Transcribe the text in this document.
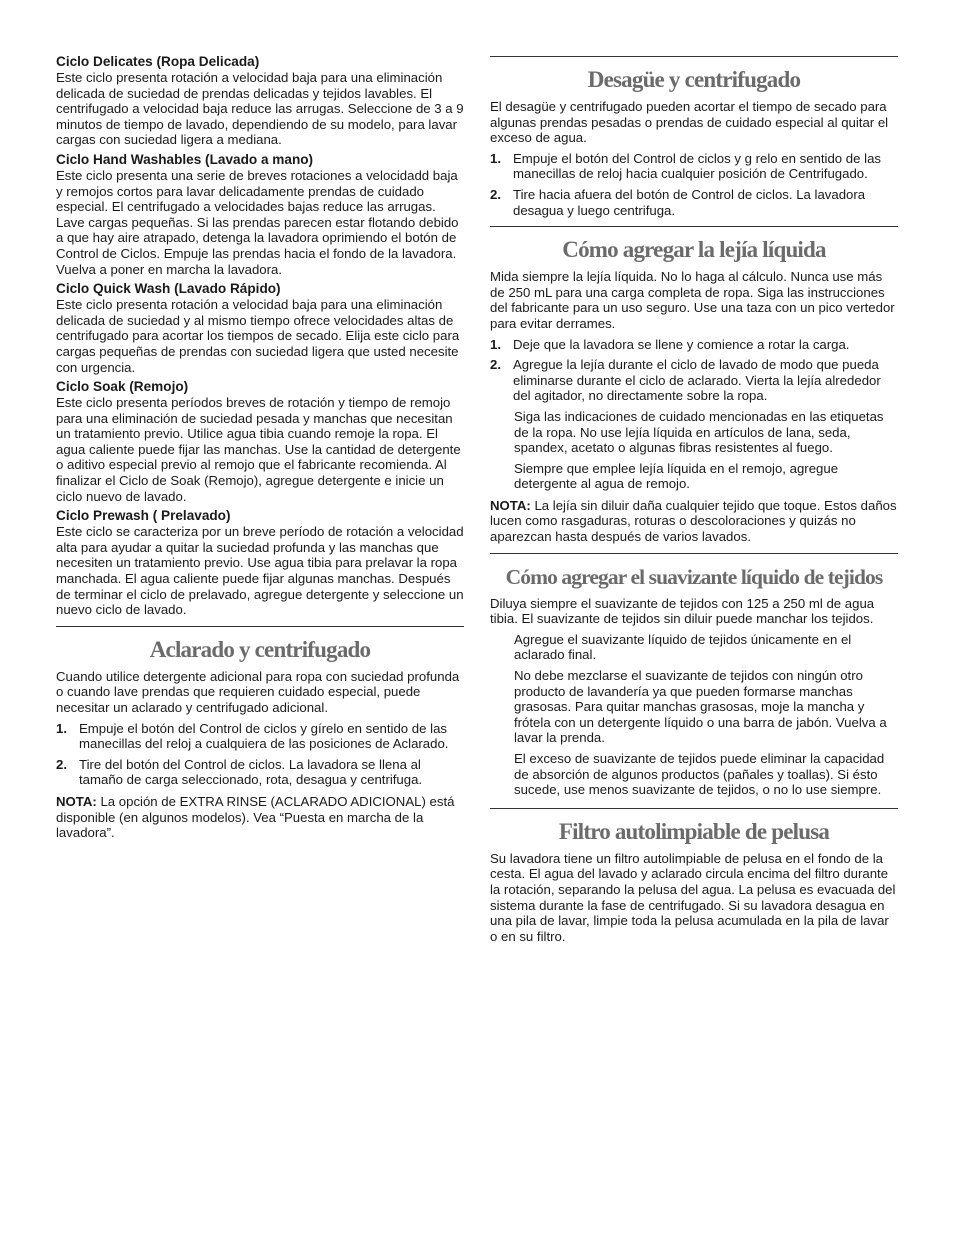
Ciclo Delicates (Ropa Delicada)

Este ciclo presenta rotación a velocidad baja para una eliminación delicada de suciedad de prendas delicadas y tejidos lavables. El centrifugado a velocidad baja reduce las arrugas. Seleccione de 3 a 9 minutos de tiempo de lavado, dependiendo de su modelo, para lavar cargas con suciedad ligera a mediana.

Ciclo Hand Washables (Lavado a mano)

Este ciclo presenta una serie de breves rotaciones a velocidadd baja y remojos cortos para lavar delicadamente prendas de cuidado especial. El centrifugado a velocidades bajas reduce las arrugas. Lave cargas pequeñas. Si las prendas parecen estar flotando debido a que hay aire atrapado, detenga la lavadora oprimiendo el botón de Control de Ciclos. Empuje las prendas hacia el fondo de la lavadora. Vuelva a poner en marcha la lavadora.

Ciclo Quick Wash (Lavado Rápido)

Este ciclo presenta rotación a velocidad baja para una eliminación delicada de suciedad y al mismo tiempo ofrece velocidades altas de centrifugado para acortar los tiempos de secado. Elija este ciclo para cargas pequeñas de prendas con suciedad ligera que usted necesite con urgencia.

Ciclo Soak (Remojo)

Este ciclo presenta períodos breves de rotación y tiempo de remojo para una eliminación de suciedad pesada y manchas que necesitan un tratamiento previo. Utilice agua tibia cuando remoje la ropa. El agua caliente puede fijar las manchas. Use la cantidad de detergente o aditivo especial previo al remojo que el fabricante recomienda. Al finalizar el Ciclo de Soak (Remojo), agregue detergente e inicie un ciclo nuevo de lavado.

Ciclo Prewash ( Prelavado)

Este ciclo se caracteriza por un breve período de rotación a velocidad alta para ayudar a quitar la suciedad profunda y las manchas que necesiten un tratamiento previo. Use agua tibia para prelavar la ropa manchada. El agua caliente puede fijar algunas manchas. Después de terminar el ciclo de prelavado, agregue detergente y seleccione un nuevo ciclo de lavado.

Aclarado y centrifugado

Cuando utilice detergente adicional para ropa con suciedad profunda o cuando lave prendas que requieren cuidado especial, puede necesitar un aclarado y centrifugado adicional.

1. Empuje el botón del Control de ciclos y gírelo en sentido de las manecillas del reloj a cualquiera de las posiciones de Aclarado.

2. Tire del botón del Control de ciclos. La lavadora se llena al tamaño de carga seleccionado, rota, desagua y centrifuga.

NOTA: La opción de EXTRA RINSE (ACLARADO ADICIONAL) está disponible (en algunos modelos). Vea “Puesta en marcha de la lavadora”.

Desagüe y centrifugado

El desagüe y centrifugado pueden acortar el tiempo de secado para algunas prendas pesadas o prendas de cuidado especial al quitar el exceso de agua.

1. Empuje el botón del Control de ciclos y g relo en sentido de las manecillas de reloj hacia cualquier posición de Centrifugado.

2. Tire hacia afuera del botón de Control de ciclos. La lavadora desagua y luego centrifuga.

Cómo agregar la lejía líquida

Mida siempre la lejía líquida. No lo haga al cálculo. Nunca use más de 250 mL para una carga completa de ropa. Siga las instrucciones del fabricante para un uso seguro. Use una taza con un pico vertedor para evitar derrames.

1. Deje que la lavadora se llene y comience a rotar la carga.

2. Agregue la lejía durante el ciclo de lavado de modo que pueda eliminarse durante el ciclo de aclarado. Vierta la lejía alrededor del agitador, no directamente sobre la ropa.

Siga las indicaciones de cuidado mencionadas en las etiquetas de la ropa. No use lejía líquida en artículos de lana, seda, spandex, acetato o algunas fibras resistentes al fuego.

Siempre que emplee lejía líquida en el remojo, agregue detergente al agua de remojo.

NOTA: La lejía sin diluir daña cualquier tejido que toque. Estos daños lucen como rasgaduras, roturas o descoloraciones y quizás no aparezcan hasta después de varios lavados.

Cómo agregar el suavizante líquido de tejidos

Diluya siempre el suavizante de tejidos con 125 a 250 ml de agua tibia. El suavizante de tejidos sin diluir puede manchar los tejidos.

Agregue el suavizante líquido de tejidos únicamente en el aclarado final.

No debe mezclarse el suavizante de tejidos con ningún otro producto de lavandería ya que pueden formarse manchas grasosas. Para quitar manchas grasosas, moje la mancha y frótela con un detergente líquido o una barra de jabón. Vuelva a lavar la prenda.

El exceso de suavizante de tejidos puede eliminar la capacidad de absorción de algunos productos (pañales y toallas). Si ésto sucede, use menos suavizante de tejidos, o no lo use siempre.

Filtro autolimpiable de pelusa

Su lavadora tiene un filtro autolimpiable de pelusa en el fondo de la cesta. El agua del lavado y aclarado circula encima del filtro durante la rotación, separando la pelusa del agua. La pelusa es evacuada del sistema durante la fase de centrifugado. Si su lavadora desagua en una pila de lavar, limpie toda la pelusa acumulada en la pila de lavar o en su filtro.
